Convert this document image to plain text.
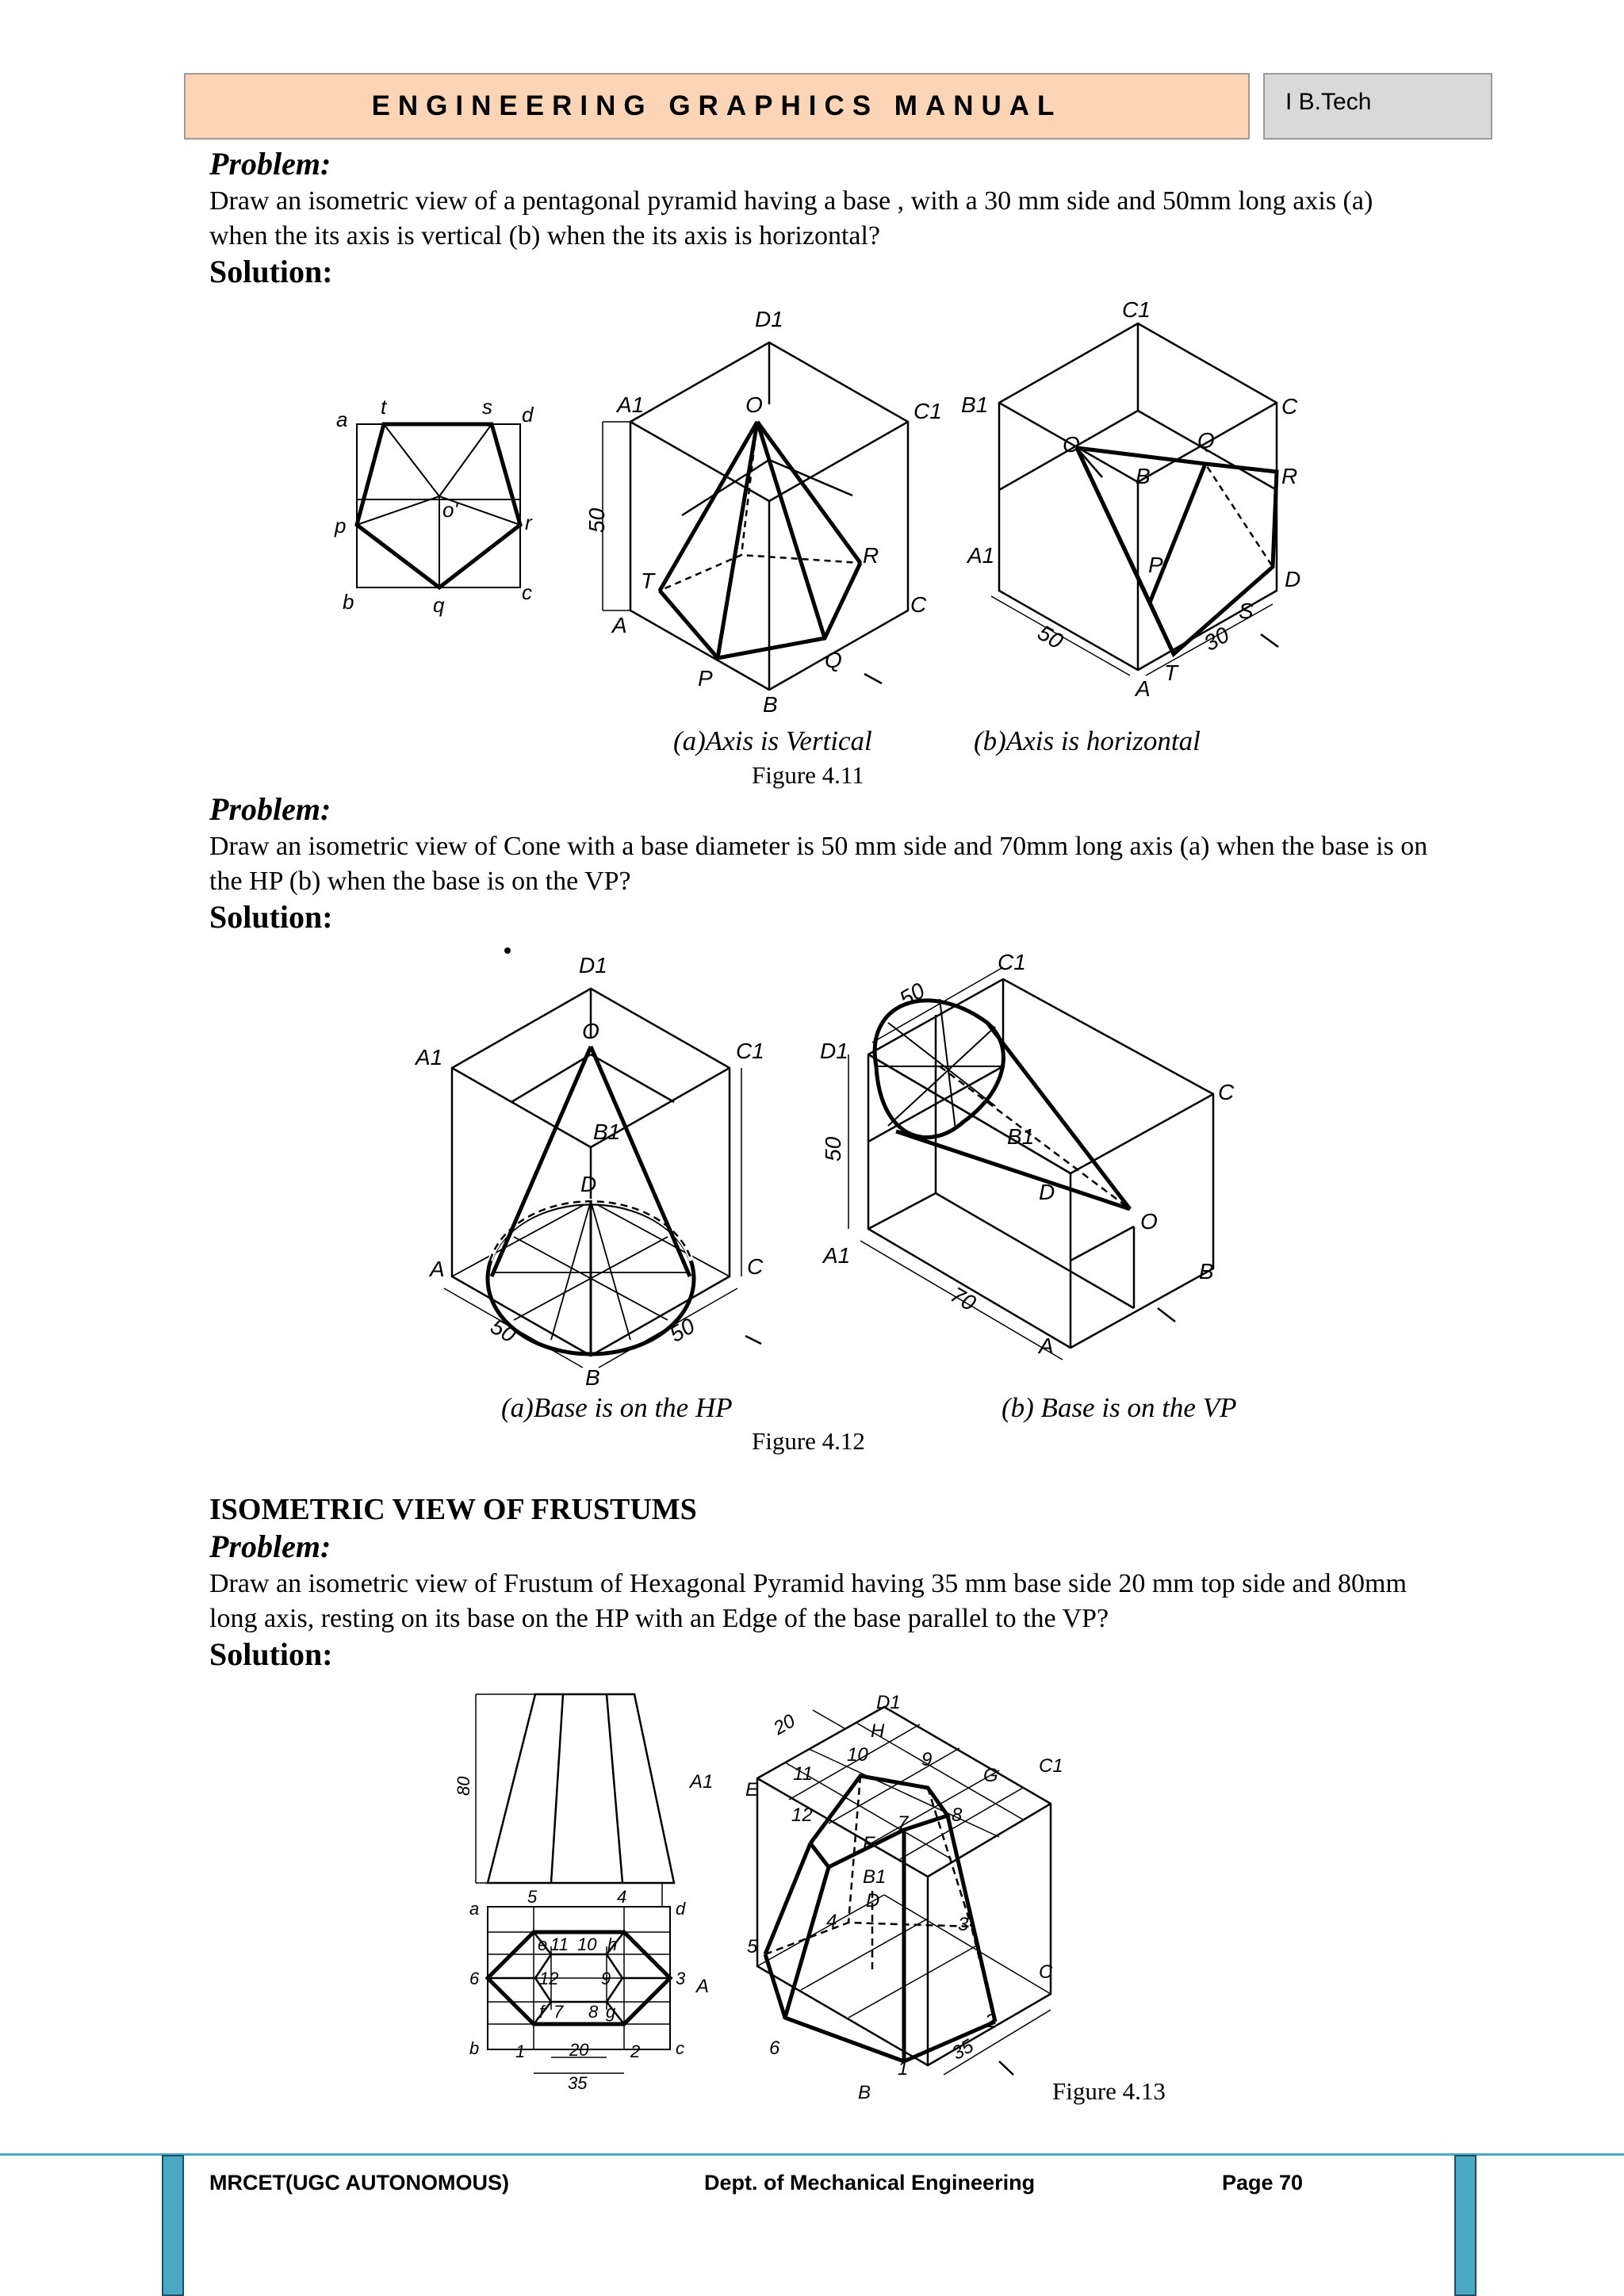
ENGINEERING GRAPHICS MANUAL	I B.Tech
Problem:
Draw an isometric view of a pentagonal pyramid having a base , with a 30 mm side and 50mm long axis (a) when the its axis is vertical (b) when the its axis is horizontal?
Solution:
a
t	s d
p
o'
r
b	q
c
D1
A1	O	C1
50
T
R
A
C
P
Q
B
C1
B1	C
O	Q
B	R
A1	P
D
50
S
30
A
T
(a)Axis is Vertical	(b)Axis is horizontal
Figure 4.11
Problem:
Draw an isometric view of Cone with a base diameter is 50 mm side and 70mm long axis (a) when the base is on the HP (b) when the base is on the VP?
Solution:
D1
A1
O
C1
B1
D
A	C
50	50
B
50
C1
D1
B1
C
50
D
O
A1
70
B
A
(a)Base is on the HP	(b) Base is on the VP
Figure 4.12
ISOMETRIC VIEW OF FRUSTUMS
Problem:
Draw an isometric view of Frustum of Hexagonal Pyramid having 35 mm base side 20 mm top side and 80mm long axis, resting on its base on the HP with an Edge of the base parallel to the VP?
Solution:
80
5	4
a	d
e 11 10 h
6	12 9	3
f 7 8 g
b 1	2 c
20
35
D1
H
20
10	9
11
A1 E
G C1
8
12	7
F
B1
D
4
5
3
C
A
6
1
2
35
B	Figure 4.13
MRCET(UGC AUTONOMOUS)	Dept. of Mechanical Engineering	Page 70
